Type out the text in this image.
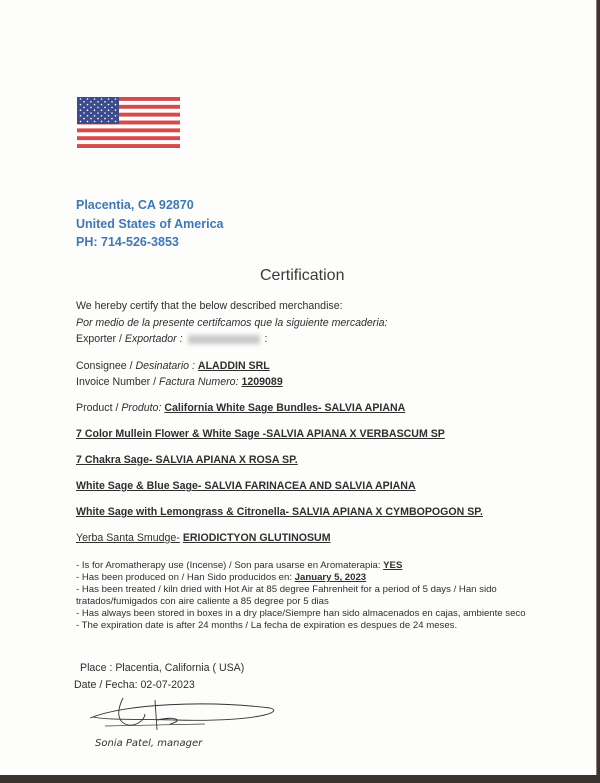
Placentia, CA 92870
United States of America
PH: 714-526-3853
Certification
We hereby certify that the below described merchandise:
Por medio de la presente certifcamos que la siguiente mercaderia:
Exporter / Exportador :	:
Consignee / Desinatario : ALADDIN SRL
Invoice Number / Factura Numero: 1209089
Product / Produto: California White Sage Bundles- SALVIA APIANA
7 Color Mullein Flower & White Sage -SALVIA APIANA X VERBASCUM SP
7 Chakra Sage- SALVIA APIANA X ROSA SP.
White Sage & Blue Sage- SALVIA FARINACEA AND SALVIA APIANA
White Sage with Lemongrass & Citronella- SALVIA APIANA X CYMBOPOGON SP.
Yerba Santa Smudge- ERIODICTYON GLUTINOSUM
- Is for Aromatherapy use (Incense) / Son para usarse en Aromaterapia: YES
- Has been produced on / Han Sido producidos en: January 5, 2023
- Has been treated / kiln dried with Hot Air at 85 degree Fahrenheit for a period of 5 days / Han sido
tratados/fumigados con aire caliente a 85 degree por 5 dias
- Has always been stored in boxes in a dry place/Siempre han sido almacenados en cajas, ambiente seco
- The expiration date is after 24 months / La fecha de expiration es despues de 24 meses.
Place : Placentia, California ( USA)
Date / Fecha: 02-07-2023
Sonia Patel, manager
